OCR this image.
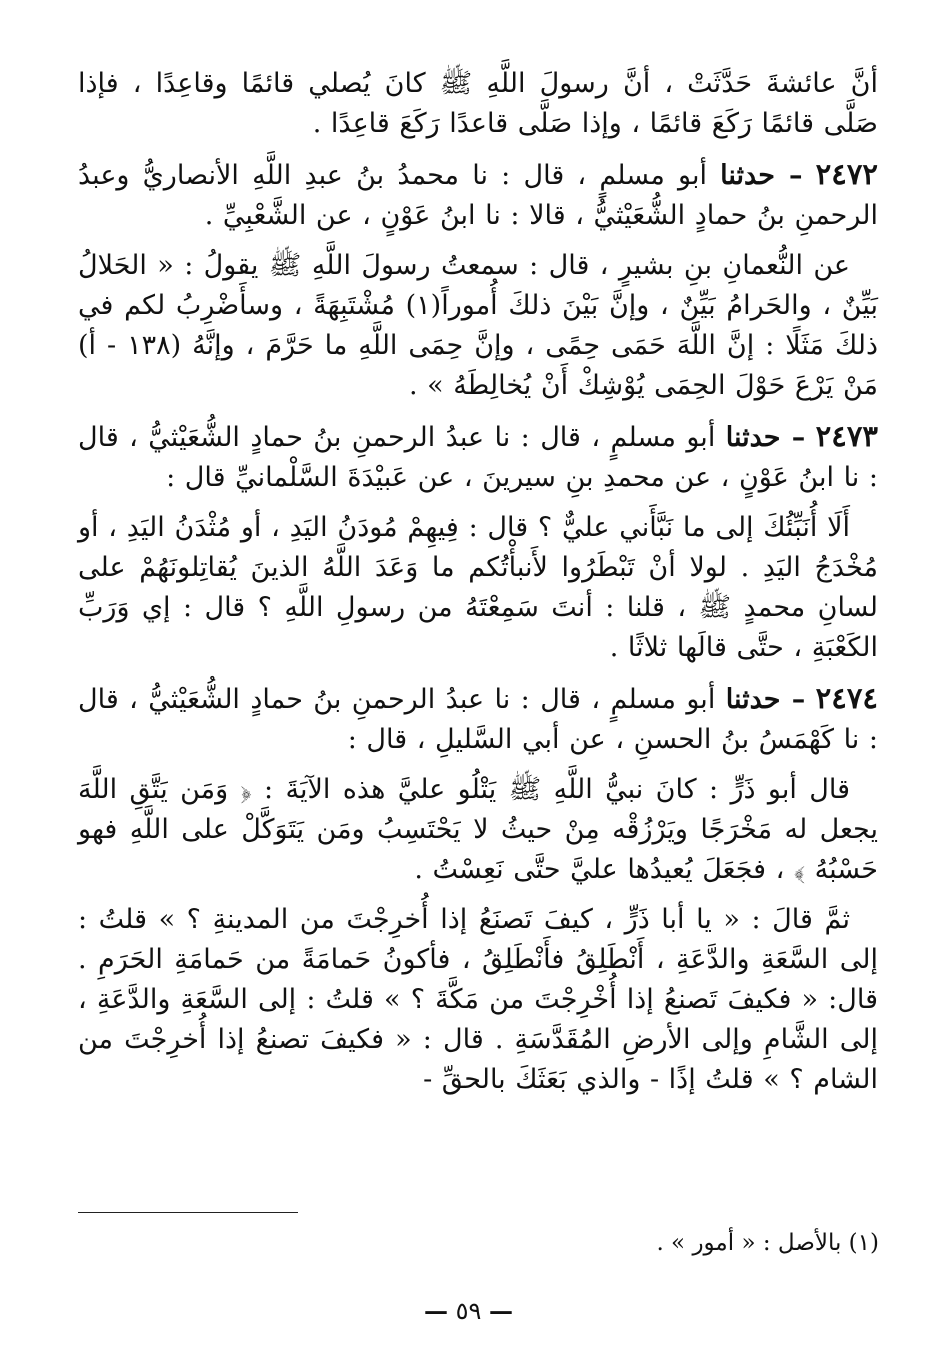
أنَّ عائشةَ حَدَّثَتْ ، أنَّ رسولَ اللَّهِ ﷺ كانَ يُصلي قائمًا وقاعِدًا ، فإذا صَلَّى قائمًا رَكَعَ قائمًا ، وإذا صَلَّى قاعدًا رَكَعَ قاعِدًا .

٢٤٧٢ – حدثنا أبو مسلمٍ ، قال : نا محمدُ بنُ عبدِ اللَّهِ الأنصاريُّ وعبدُ الرحمنِ بنُ حمادٍ الشُّعَيْثيُّ ، قالا : نا ابنُ عَوْنٍ ، عن الشَّعْبِيِّ .

عن النُّعمانِ بنِ بشيرٍ ، قال : سمعتُ رسولَ اللَّهِ ﷺ يقولُ : « الحَلالُ بَيِّنٌ ، والحَرامُ بَيِّنٌ ، وإنَّ بَيْنَ ذلكَ أُموراً(١) مُشْتَبِهَةً ، وسأَضْرِبُ لكم في ذلكَ مَثَلًا : إنَّ اللَّهَ حَمَى حِمًى ، وإنَّ حِمَى اللَّهِ ما حَرَّمَ ، وإنَّهُ (١٣٨ - أ) مَنْ يَرْعَ حَوْلَ الحِمَى يُوْشِكْ أَنْ يُخالِطَهُ » .

٢٤٧٣ – حدثنا أبو مسلمٍ ، قال : نا عبدُ الرحمنِ بنُ حمادٍ الشُّعَيْثيُّ ، قال : نا ابنُ عَوْنٍ ، عن محمدِ بنِ سيرينَ ، عن عَبيْدَةَ السَّلْمانيِّ قال :

أَلَا أُنَبِّئُكَ إلى ما نَبَّأَني عليٌّ ؟ قال : فِيهِمْ مُودَنُ اليَدِ ، أو مُثْدَنُ اليَدِ ، أو مُخْدَجُ اليَدِ . لولا أنْ تَبْطَرُوا لأَنبأْتُكم ما وَعَدَ اللَّهُ الذينَ يُقاتِلونَهُمْ على لسانِ محمدٍ ﷺ ، قلنا : أنتَ سَمِعْتَهُ من رسولِ اللَّهِ ؟ قال : إي وَرَبِّ الكَعْبَةِ ، حتَّى قالَها ثلاثًا .

٢٤٧٤ – حدثنا أبو مسلمٍ ، قال : نا عبدُ الرحمنِ بنُ حمادٍ الشُّعَيْثيُّ ، قال : نا كَهْمَسُ بنُ الحسنِ ، عن أبي السَّليلِ ، قال :

قال أبو ذَرٍّ : كانَ نبيُّ اللَّهِ ﷺ يَتْلُو عليَّ هذه الآيَةَ : ﴿ وَمَن يَتَّقِ اللَّهَ يجعل له مَخْرَجًا ويَرْزُقْه مِنْ حيثُ لا يَحْتَسِبُ ومَن يَتَوَكَّلْ على اللَّهِ فهو حَسْبُهُ ﴾ ، فجَعَلَ يُعيدُها عليَّ حتَّى نَعِسْتُ .

ثمَّ قالَ : « يا أبا ذَرٍّ ، كيفَ تَصنَعُ إذا أُخرِجْتَ من المدينةِ ؟ » قلتُ : إلى السَّعَةِ والدَّعَةِ ، أَنْطَلِقُ فأَنْطَلِقُ ، فأكونُ حَمامَةً من حَمامَةِ الحَرَمِ . قال: « فكيفَ تَصنعُ إذا أُخْرِجْتَ من مَكَّةَ ؟ » قلتُ : إلى السَّعَةِ والدَّعَةِ ، إلى الشَّامِ وإلى الأرضِ المُقَدَّسَةِ . قال : « فكيفَ تصنعُ إذا أُخرِجْتَ من الشام ؟ » قلتُ إذًا - والذي بَعَثَكَ بالحقِّ -

(١) بالأصل : « أمور » .
— ٥٩ —
